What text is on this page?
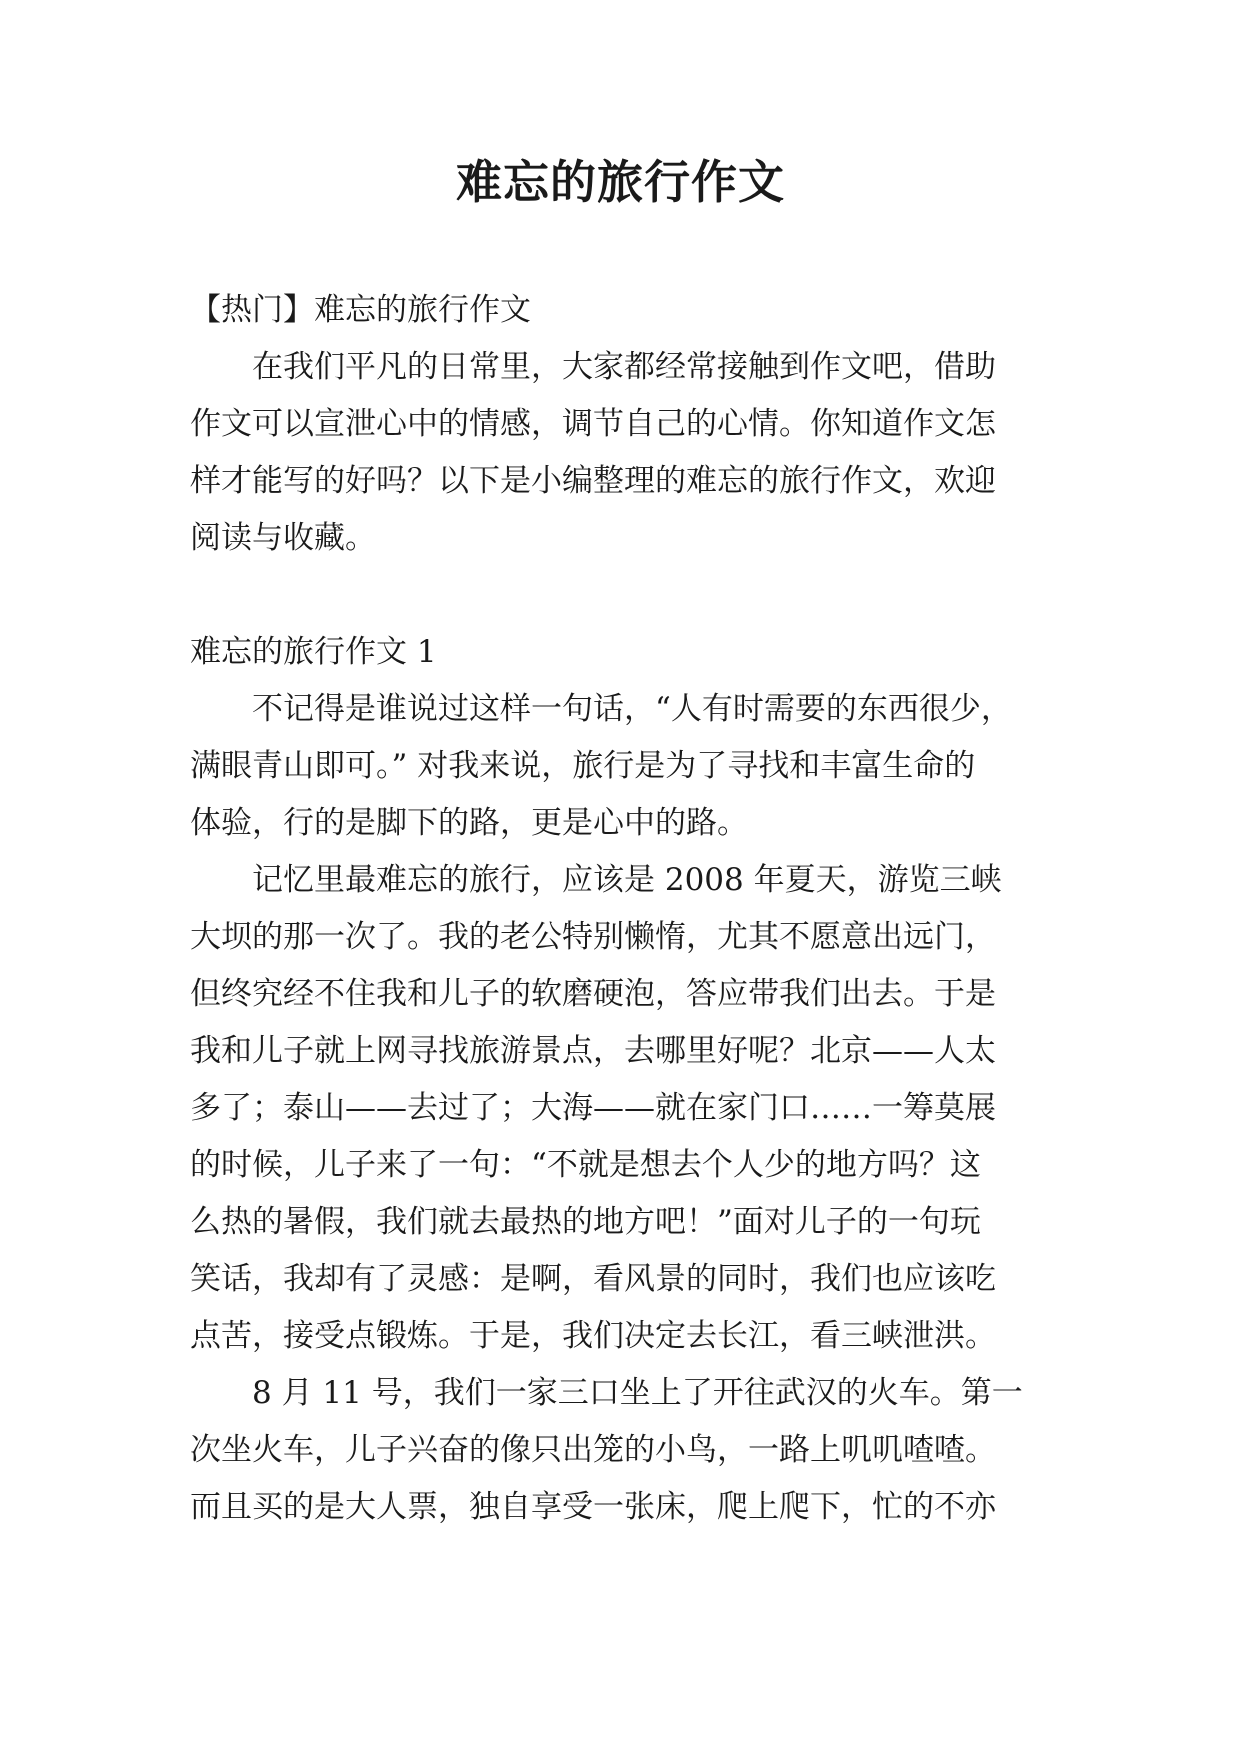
难忘的旅行作文

【热门】难忘的旅行作文

在我们平凡的日常里，大家都经常接触到作文吧，借助
作文可以宣泄心中的情感，调节自己的心情。你知道作文怎
样才能写的好吗？以下是小编整理的难忘的旅行作文，欢迎
阅读与收藏。

难忘的旅行作文 1

不记得是谁说过这样一句话，“人有时需要的东西很少，
满眼青山即可。” 对我来说，旅行是为了寻找和丰富生命的
体验，行的是脚下的路，更是心中的路。
记忆里最难忘的旅行，应该是 2008 年夏天，游览三峡
大坝的那一次了。我的老公特别懒惰，尤其不愿意出远门，
但终究经不住我和儿子的软磨硬泡，答应带我们出去。于是
我和儿子就上网寻找旅游景点，去哪里好呢？北京——人太
多了；泰山——去过了；大海——就在家门口……一筹莫展
的时候，儿子来了一句：“不就是想去个人少的地方吗？这
么热的暑假，我们就去最热的地方吧！”面对儿子的一句玩
笑话，我却有了灵感：是啊，看风景的同时，我们也应该吃
点苦，接受点锻炼。于是，我们决定去长江，看三峡泄洪。
8 月 11 号，我们一家三口坐上了开往武汉的火车。第一
次坐火车，儿子兴奋的像只出笼的小鸟，一路上叽叽喳喳。
而且买的是大人票，独自享受一张床，爬上爬下，忙的不亦
